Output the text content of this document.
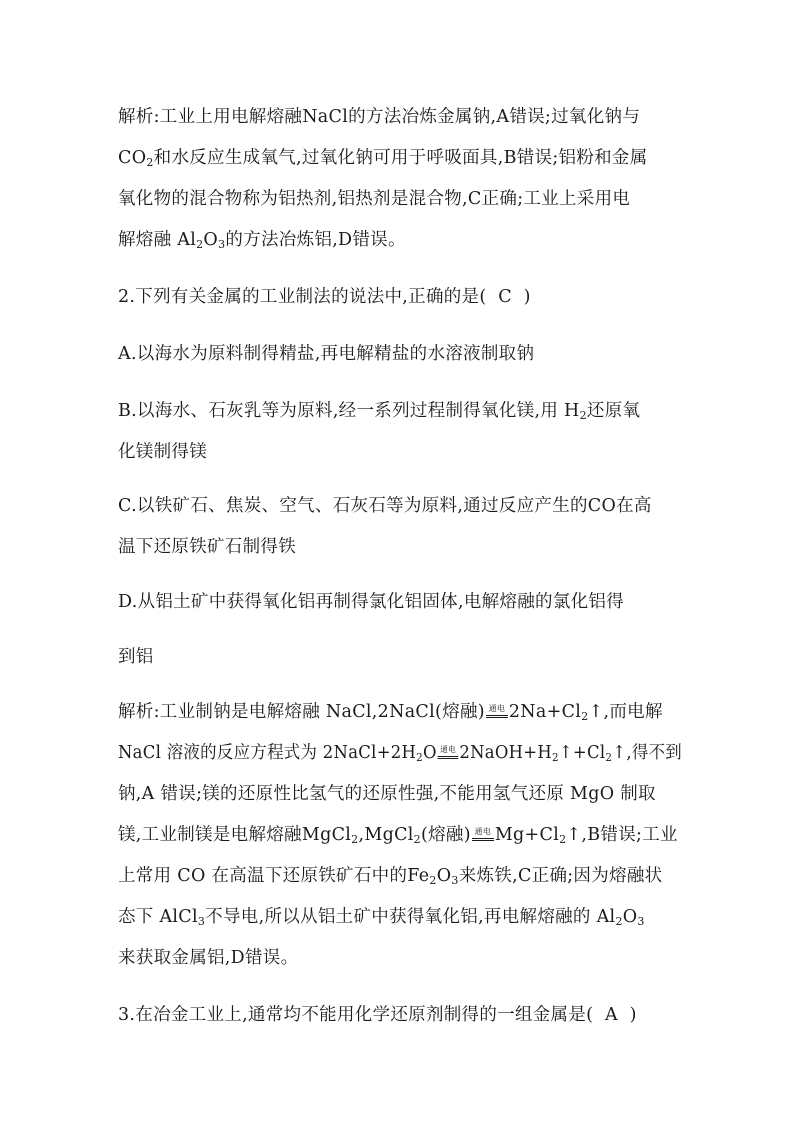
解析:工业上用电解熔融NaCl的方法冶炼金属钠,A错误;过氧化钠与
$CO_2$和水反应生成氧气,过氧化钠可用于呼吸面具,B错误;铝粉和金属
氧化物的混合物称为铝热剂,铝热剂是混合物,C正确;工业上采用电
解熔融 $Al_2O_3$的方法冶炼铝,D错误。
2.下列有关金属的工业制法的说法中,正确的是(  C  )
A.以海水为原料制得精盐,再电解精盐的水溶液制取钠
B.以海水、石灰乳等为原料,经一系列过程制得氧化镁,用 $H_2$还原氧
化镁制得镁
C.以铁矿石、焦炭、空气、石灰石等为原料,通过反应产生的CO在高
温下还原铁矿石制得铁
D.从铝土矿中获得氧化铝再制得氯化铝固体,电解熔融的氯化铝得
到铝
解析:工业制钠是电解熔融 NaCl,2NaCl(熔融) 通电 $2Na+Cl_2↑$,而电解
NaCl 溶液的反应方程式为 $2NaCl+2H_2O$ 通电 $2NaOH+H_2↑+Cl_2↑$,得不到
钠,A 错误;镁的还原性比氢气的还原性强,不能用氢气还原 MgO 制取
镁,工业制镁是电解熔融MgCl$_2$,MgCl$_2$(熔融) 通电 $Mg+Cl_2↑,B$错误;工业
上常用 CO 在高温下还原铁矿石中的$Fe_2O_3$来炼铁,C正确;因为熔融状
态下 AlCl$_3$不导电,所以从铝土矿中获得氧化铝,再电解熔融的 $Al_2O_3$
来获取金属铝,D错误。
3.在冶金工业上,通常均不能用化学还原剂制得的一组金属是(  A  )
